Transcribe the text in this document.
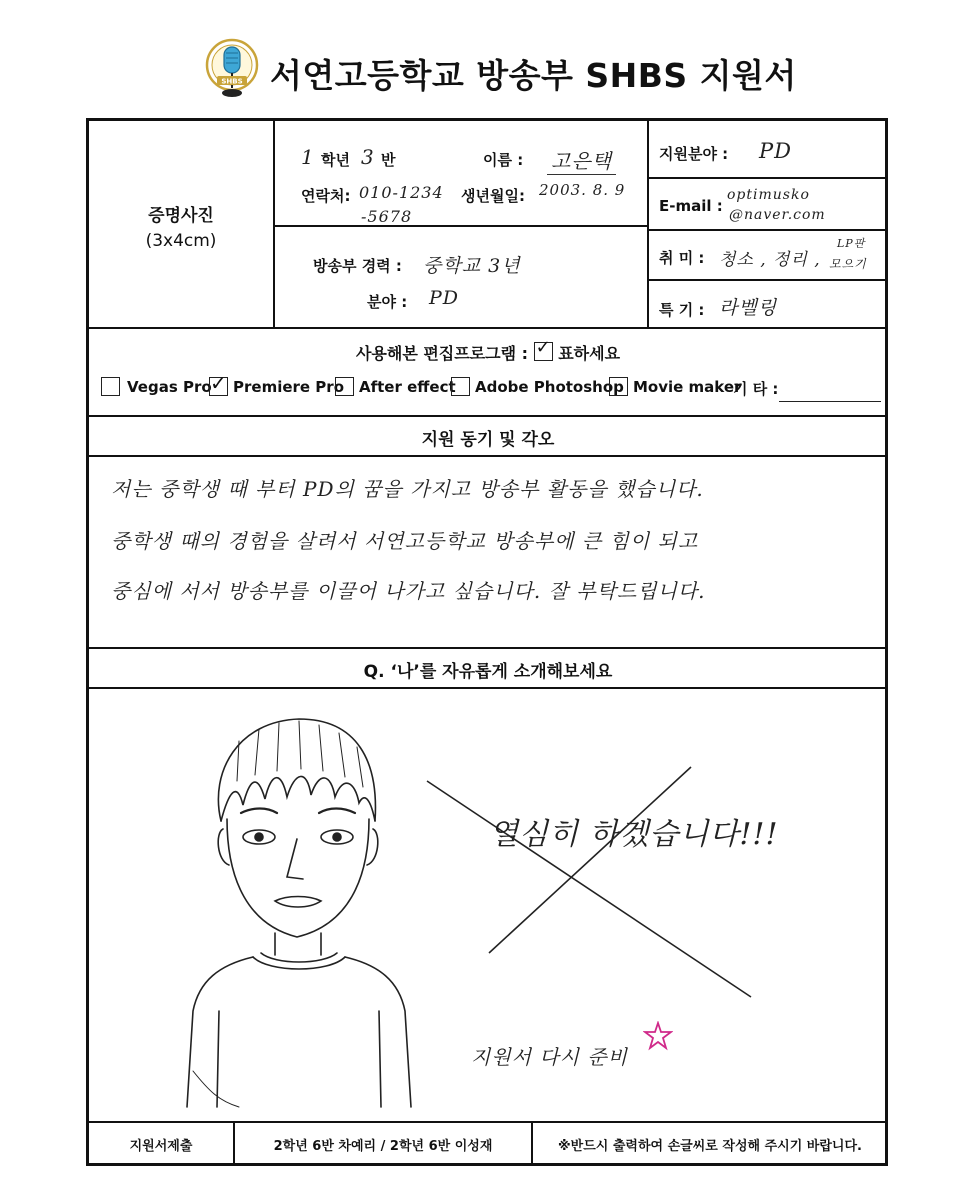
SHBS 서연고등학교 방송부 SHBS 지원서
증명사진
(3x4cm)
1 학년 3 반	이름 : 고은택
연락처: 010-1234
-5678
생년월일: 2003. 8. 9
방송부 경력 : 중학교 3년
분야 : PD
지원분야 : PD
E-mail :
optimusko
@naver.com
취 미 : 청소 , 정리 ,
LP판
모으기
특 기 : 라벨링
사용해본 편집프로그램 : ✓ 표하세요
Vegas Pro
✓ Premiere Pro After effect Adobe Photoshop Movie maker
기 타 :
지원 동기 및 각오
저는 중학생 때 부터 PD의 꿈을 가지고 방송부 활동을 했습니다.
중학생 때의 경험을 살려서 서연고등학교 방송부에 큰 힘이 되고
중심에 서서 방송부를 이끌어 나가고 싶습니다. 잘 부탁드립니다.
Q. ‘나’를 자유롭게 소개해보세요
열심히 하겠습니다!!!
지원서 다시 준비
지원서제출	2학년 6반 차예리 / 2학년 6반 이성재	※반드시 출력하여 손글씨로 작성해 주시기 바랍니다.
